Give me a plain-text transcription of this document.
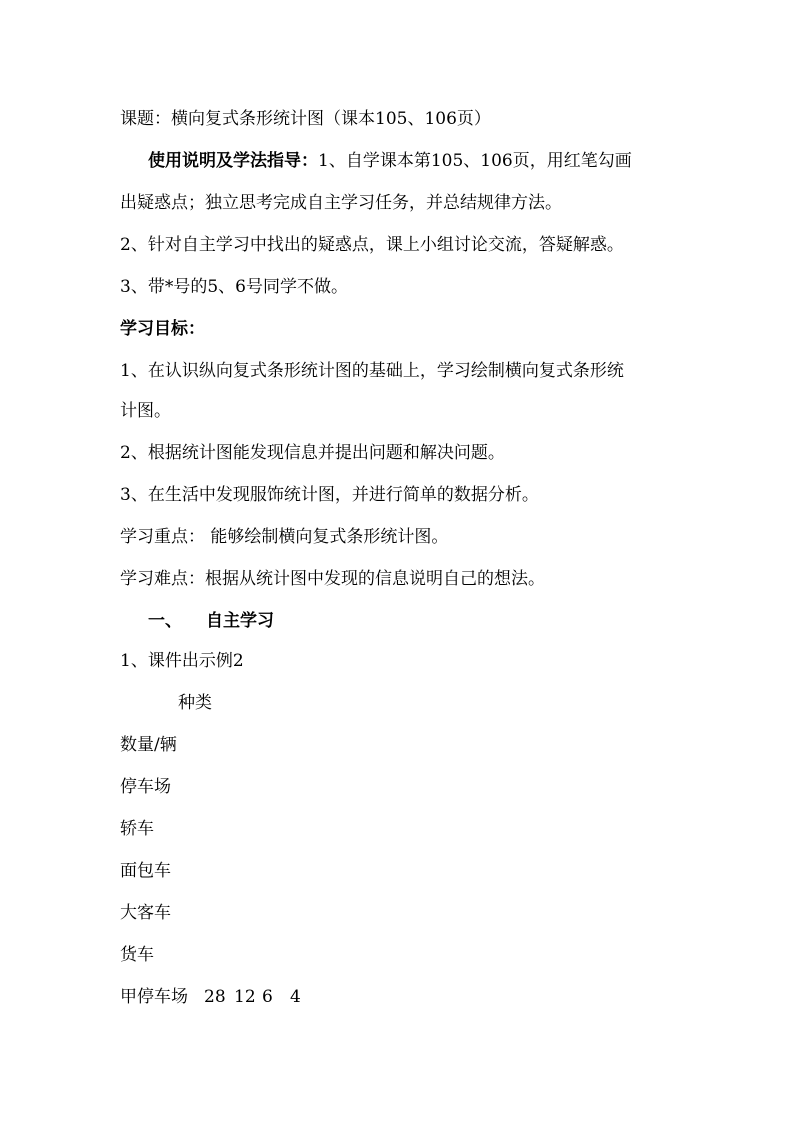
课题：横向复式条形统计图（课本105、106页）
使用说明及学法指导：1、自学课本第105、106页，用红笔勾画
出疑惑点；独立思考完成自主学习任务，并总结规律方法。
2、针对自主学习中找出的疑惑点，课上小组讨论交流，答疑解惑。
3、带*号的5、6号同学不做。
学习目标：
1、在认识纵向复式条形统计图的基础上，学习绘制横向复式条形统
计图。
2、根据统计图能发现信息并提出问题和解决问题。
3、在生活中发现服饰统计图，并进行简单的数据分析。
学习重点： 能够绘制横向复式条形统计图。
学习难点：根据从统计图中发现的信息说明自己的想法。
一、 自主学习
1、课件出示例2
种类
数量/辆
停车场
轿车
面包车
大客车
货车
甲停车场 28 12 6 4
